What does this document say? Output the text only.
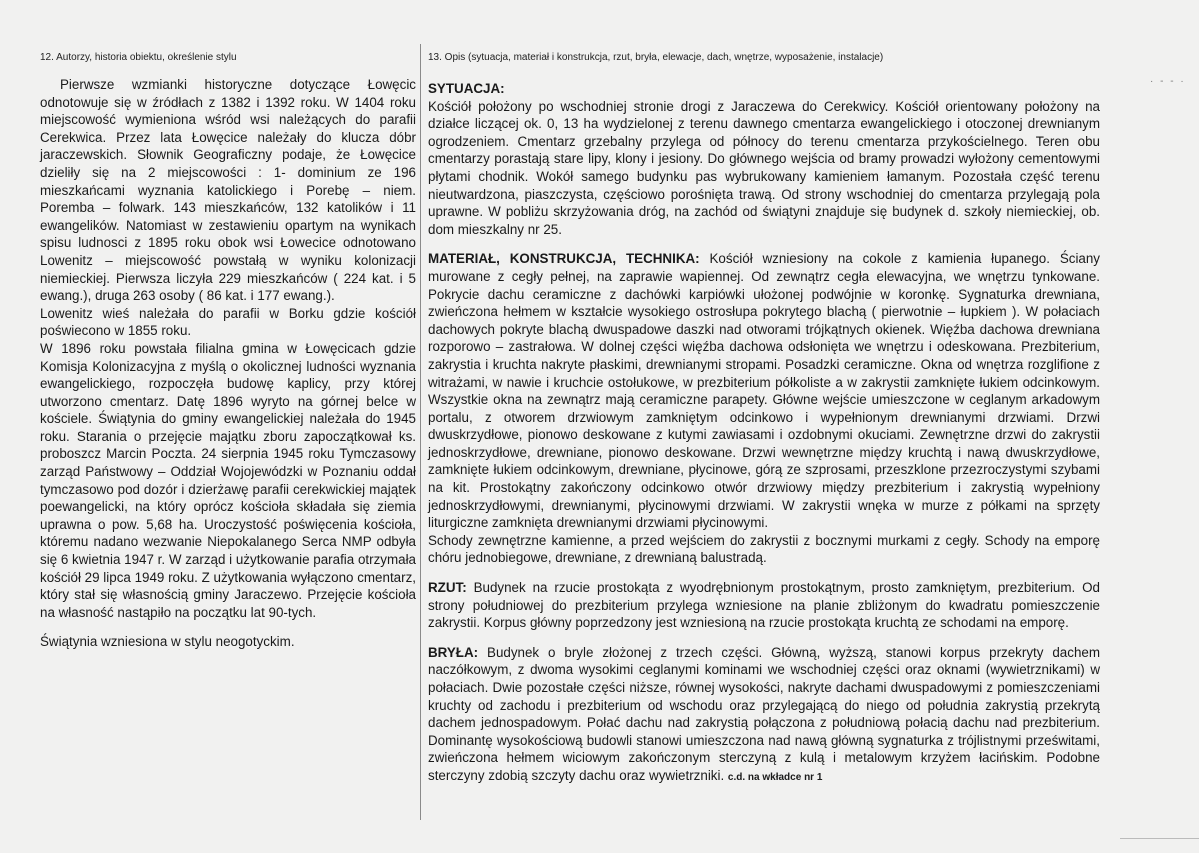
12. Autorzy, historia obiektu, określenie stylu	13. Opis (sytuacja, materiał i konstrukcja, rzut, bryła, elewacje, dach, wnętrze, wyposażenie, instalacje)

Pierwsze wzmianki historyczne dotyczące Łowęcic odnotowuje się w źródłach z 1382 i 1392 roku. W 1404 roku miejscowość wymieniona wśród wsi należących do parafii Cerekwica. Przez lata Łowęcice należały do klucza dóbr jaraczewskich. Słownik Geograficzny podaje, że Łowęcice dzieliły się na 2 miejscowości : 1- dominium ze 196 mieszkańcami wyznania katolickiego i Porebę – niem. Poremba – folwark. 143 mieszkańców, 132 katolików i 11 ewangelików. Natomiast w zestawieniu opartym na wynikach spisu ludnosci z 1895 roku obok wsi Łowecice odnotowano Lowenitz – miejscowość powstałą w wyniku kolonizacji niemieckiej. Pierwsza liczyła 229 mieszkańców ( 224 kat. i 5 ewang.), druga 263 osoby ( 86 kat. i 177 ewang.).

Lowenitz wieś należała do parafii w Borku gdzie kościół poświecono w 1855 roku.

W 1896 roku powstała filialna gmina w Łowęcicach gdzie Komisja Kolonizacyjna z myślą o okolicznej ludności wyznania ewangelickiego, rozpoczęła budowę kaplicy, przy której utworzono cmentarz. Datę 1896 wyryto na górnej belce w kościele. Świątynia do gminy ewangelickiej należała do 1945 roku. Starania o przejęcie majątku zboru zapoczątkował ks. proboszcz Marcin Poczta. 24 sierpnia 1945 roku Tymczasowy zarząd Państwowy – Oddział Wojojewódzki w Poznaniu oddał tymczasowo pod dozór i dzierżawę parafii cerekwickiej majątek poewangelicki, na który oprócz kościoła składała się ziemia uprawna o pow. 5,68 ha. Uroczystość poświęcenia kościoła, któremu nadano wezwanie Niepokalanego Serca NMP odbyła się 6 kwietnia 1947 r. W zarząd i użytkowanie parafia otrzymała kościół 29 lipca 1949 roku. Z użytkowania wyłączono cmentarz, który stał się własnością gminy Jaraczewo. Przejęcie kościoła na własność nastąpiło na początku lat 90-tych.

Świątynia wzniesiona w stylu neogotyckim.

SYTUACJA:
Kościół położony po wschodniej stronie drogi z Jaraczewa do Cerekwicy. Kościół orientowany położony na działce liczącej ok. 0, 13 ha wydzielonej z terenu dawnego cmentarza ewangelickiego i otoczonej drewnianym ogrodzeniem. Cmentarz grzebalny przylega od północy do terenu cmentarza przykościelnego. Teren obu cmentarzy porastają stare lipy, klony i jesiony. Do głównego wejścia od bramy prowadzi wyłożony cementowymi płytami chodnik. Wokół samego budynku pas wybrukowany kamieniem łamanym. Pozostała część terenu nieutwardzona, piaszczysta, częściowo porośnięta trawą. Od strony wschodniej do cmentarza przylegają pola uprawne. W pobliżu skrzyżowania dróg, na zachód od świątyni znajduje się budynek d. szkoły niemieckiej, ob. dom mieszkalny nr 25.

MATERIAŁ, KONSTRUKCJA, TECHNIKA: Kościół wzniesiony na cokole z kamienia łupanego. Ściany murowane z cegły pełnej, na zaprawie wapiennej. Od zewnątrz cegła elewacyjna, we wnętrzu tynkowane. Pokrycie dachu ceramiczne z dachówki karpiówki ułożonej podwójnie w koronkę. Sygnaturka drewniana, zwieńczona hełmem w kształcie wysokiego ostrosłupa pokrytego blachą ( pierwotnie – łupkiem ). W połaciach dachowych pokryte blachą dwuspadowe daszki nad otworami trójkątnych okienek. Więźba dachowa drewniana rozporowo – zastrałowa. W dolnej części więźba dachowa odsłonięta we wnętrzu i odeskowana. Prezbiterium, zakrystia i kruchta nakryte płaskimi, drewnianymi stropami. Posadzki ceramiczne. Okna od wnętrza rozglifione z witrażami, w nawie i kruchcie ostołukowe, w prezbiterium półkoliste a w zakrystii zamknięte łukiem odcinkowym. Wszystkie okna na zewnątrz mają ceramiczne parapety. Główne wejście umieszczone w ceglanym arkadowym portalu, z otworem drzwiowym zamkniętym odcinkowo i wypełnionym drewnianymi drzwiami. Drzwi dwuskrzydłowe, pionowo deskowane z kutymi zawiasami i ozdobnymi okuciami. Zewnętrzne drzwi do zakrystii jednoskrzydłowe, drewniane, pionowo deskowane. Drzwi wewnętrzne między kruchtą i nawą dwuskrzydłowe, zamknięte łukiem odcinkowym, drewniane, płycinowe, górą ze szprosami, przeszklone przezroczystymi szybami na kit. Prostokątny zakończony odcinkowo otwór drzwiowy między prezbiterium i zakrystią wypełniony jednoskrzydłowymi, drewnianymi, płycinowymi drzwiami. W zakrystii wnęka w murze z półkami na sprzęty liturgiczne zamknięta drewnianymi drzwiami płycinowymi.

Schody zewnętrzne kamienne, a przed wejściem do zakrystii z bocznymi murkami z cegły. Schody na emporę chóru jednobiegowe, drewniane, z drewnianą balustradą.

RZUT: Budynek na rzucie prostokąta z wyodrębnionym prostokątnym, prosto zamkniętym, prezbiterium. Od strony południowej do prezbiterium przylega wzniesione na planie zbliżonym do kwadratu pomieszczenie zakrystii. Korpus główny poprzedzony jest wzniesioną na rzucie prostokąta kruchtą ze schodami na emporę.

BRYŁA: Budynek o bryle złożonej z trzech części. Główną, wyższą, stanowi korpus przekryty dachem naczółkowym, z dwoma wysokimi ceglanymi kominami we wschodniej części oraz oknami (wywietrznikami) w połaciach. Dwie pozostałe części niższe, równej wysokości, nakryte dachami dwuspadowymi z pomieszczeniami kruchty od zachodu i prezbiterium od wschodu oraz przylegającą do niego od południa zakrystią przekrytą dachem jednospadowym. Połać dachu nad zakrystią połączona z południową połacią dachu nad prezbiterium. Dominantę wysokościową budowli stanowi umieszczona nad nawą główną sygnaturka z trójlistnymi prześwitami, zwieńczona hełmem wiciowym zakończonym sterczyną z kulą i metalowym krzyżem łacińskim. Podobne sterczyny zdobią szczyty dachu oraz wywietrzniki. c.d. na wkładce nr 1

· - - ·
